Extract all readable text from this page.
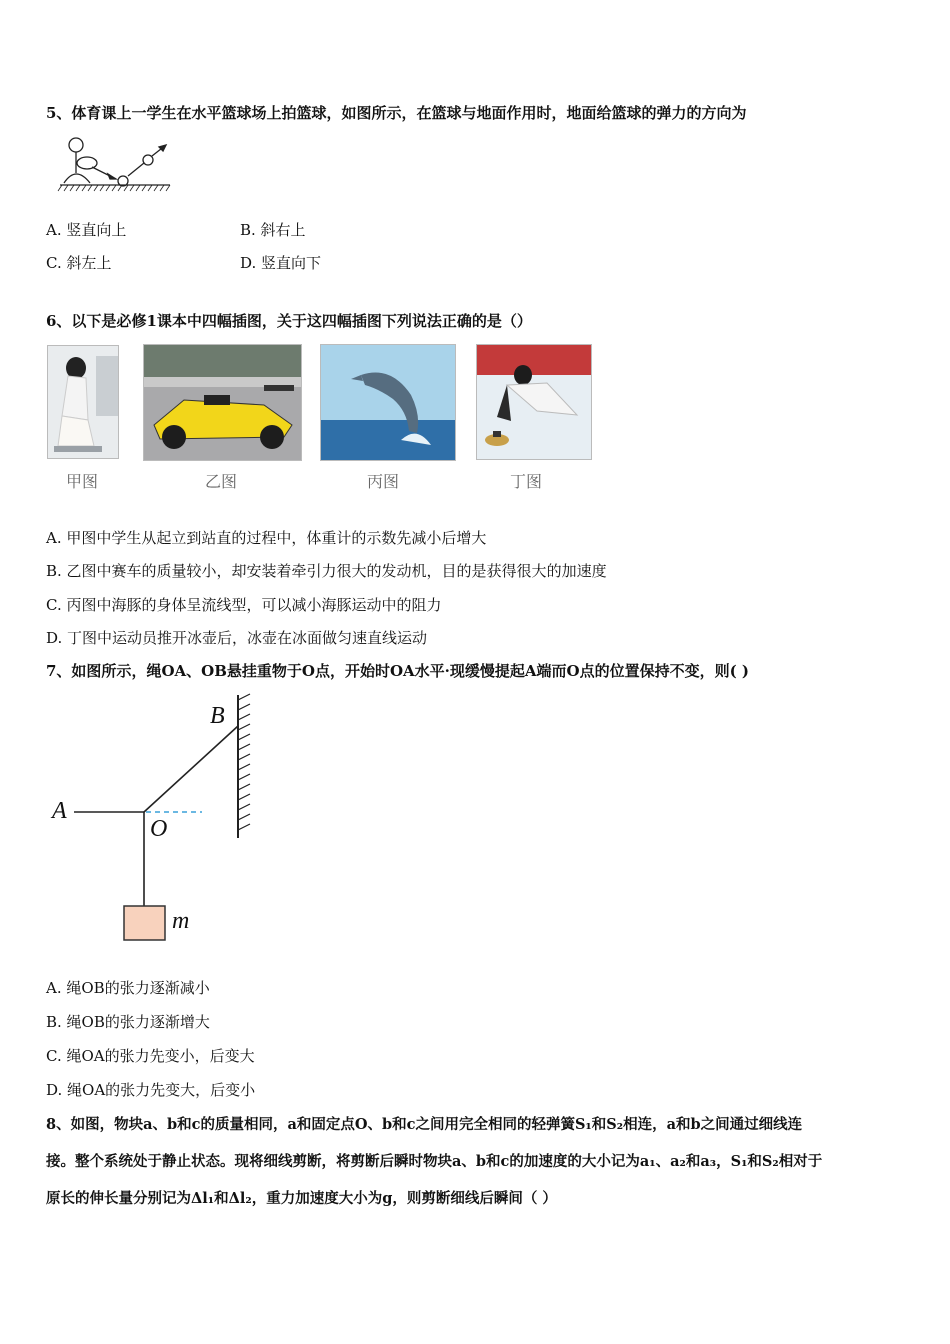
5、体育课上一学生在水平篮球场上拍篮球，如图所示，在篮球与地面作用时，地面给篮球的弹力的方向为
A. 竖直向上	B. 斜右上
C. 斜左上	D. 竖直向下
6、以下是必修1课本中四幅插图，关于这四幅插图下列说法正确的是（）
甲图	乙图	丙图	丁图
A. 甲图中学生从起立到站直的过程中，体重计的示数先减小后增大
B. 乙图中赛车的质量较小，却安装着牵引力很大的发动机，目的是获得很大的加速度
C. 丙图中海豚的身体呈流线型，可以减小海豚运动中的阻力
D. 丁图中运动员推开冰壶后，冰壶在冰面做匀速直线运动
7、如图所示，绳OA、OB悬挂重物于O点，开始时OA水平·现缓慢提起A端而O点的位置保持不变，则( )
A
B
O
m
A. 绳OB的张力逐渐减小
B. 绳OB的张力逐渐增大
C. 绳OA的张力先变小，后变大
D. 绳OA的张力先变大，后变小
8、如图，物块a、b和c的质量相同，a和固定点O、b和c之间用完全相同的轻弹簧S₁和S₂相连，a和b之间通过细线连
接。整个系统处于静止状态。现将细线剪断，将剪断后瞬时物块a、b和c的加速度的大小记为a₁、a₂和a₃，S₁和S₂相对于
原长的伸长量分别记为Δl₁和Δl₂，重力加速度大小为g，则剪断细线后瞬间（ ）
